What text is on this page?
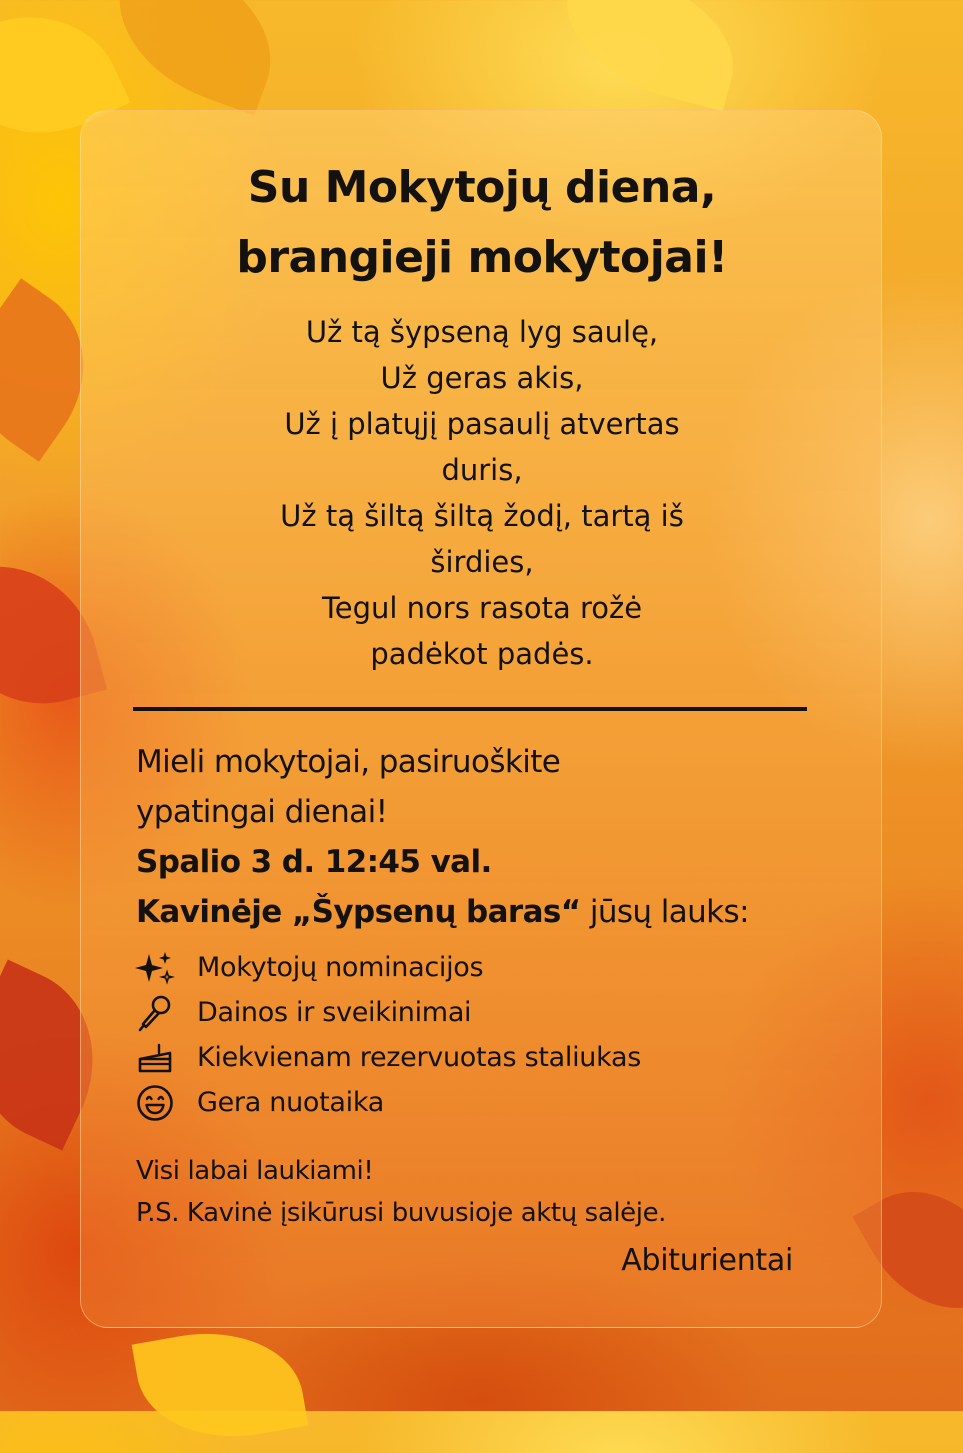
Su Mokytojų diena,
brangieji mokytojai!
Už tą šypseną lyg saulę,
Už geras akis,
Už į platųjį pasaulį atvertas
duris,
Už tą šiltą šiltą žodį, tartą iš
širdies,
Tegul nors rasota rožė
padėkot padės.
Mieli mokytojai, pasiruoškite
ypatingai dienai!
Spalio 3 d. 12:45 val.
Kavinėje „Šypsenų baras“ jūsų lauks:
Mokytojų nominacijos
Dainos ir sveikinimai
Kiekvienam rezervuotas staliukas
Gera nuotaika
Visi labai laukiami!
P.S. Kavinė įsikūrusi buvusioje aktų salėje.
Abiturientai
